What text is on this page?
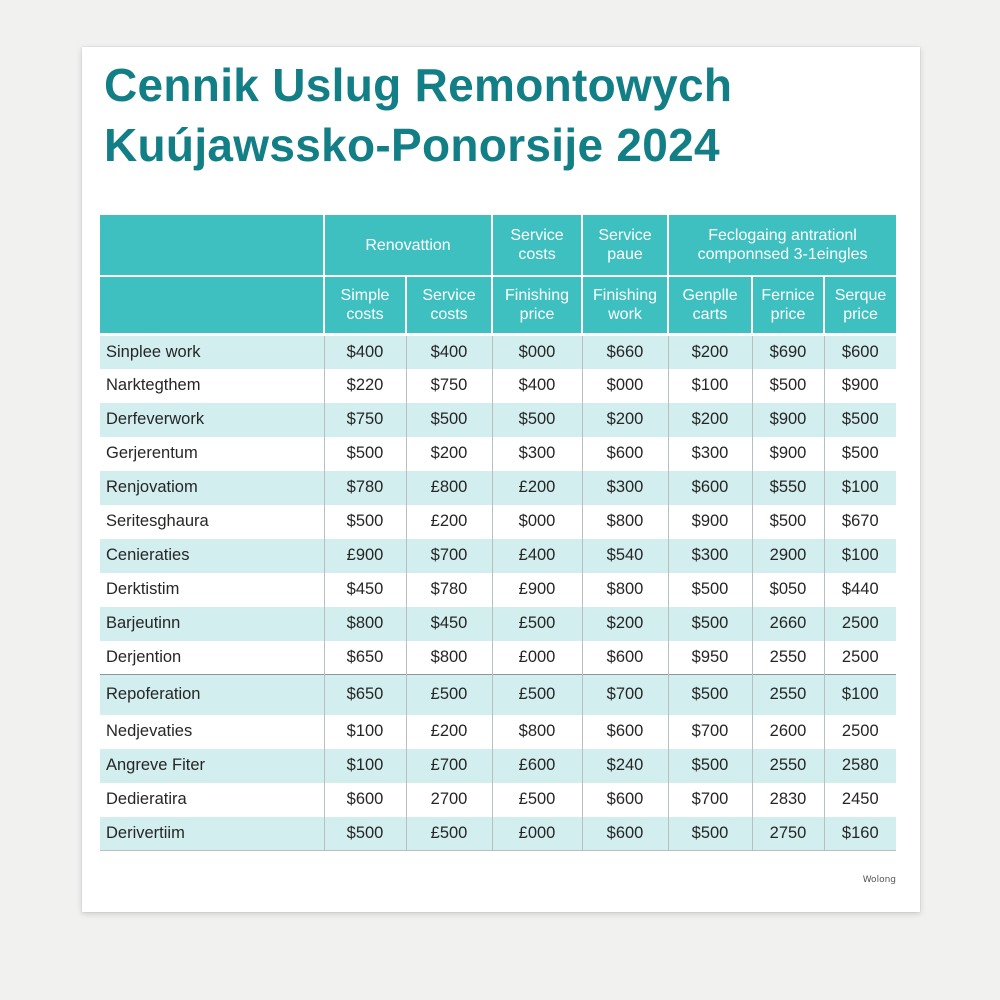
Cennik Uslug Remontowych
Kuújawssko-Ponorsije 2024
	Renovattion		Service costs	Service paue	Feclogaing antrationl componnsed 3-1eingles		
	Simple costs	Service costs	Finishing price	Finishing work	Genplle carts	Fernice price	Serque price
Sinplee work	$400	$400	$000	$660	$200	$690	$600
Narktegthem	$220	$750	$400	$000	$100	$500	$900
Derfeverwork	$750	$500	$500	$200	$200	$900	$500
Gerjerentum	$500	$200	$300	$600	$300	$900	$500
Renjovatiom	$780	£800	£200	$300	$600	$550	$100
Seritesghaura	$500	£200	$000	$800	$900	$500	$670
Cenieraties	£900	$700	£400	$540	$300	2900	$100
Derktistim	$450	$780	£900	$800	$500	$050	$440
Barjeutinn	$800	$450	£500	$200	$500	2660	2500
Derjention	$650	$800	£000	$600	$950	2550	2500
Repoferation	$650	£500	£500	$700	$500	2550	$100
Nedjevaties	$100	£200	$800	$600	$700	2600	2500
Angreve Fiter	$100	£700	£600	$240	$500	2550	2580
Dedieratira	$600	2700	£500	$600	$700	2830	2450
Derivertiim	$500	£500	£000	$600	$500	2750	$160
Wolong
